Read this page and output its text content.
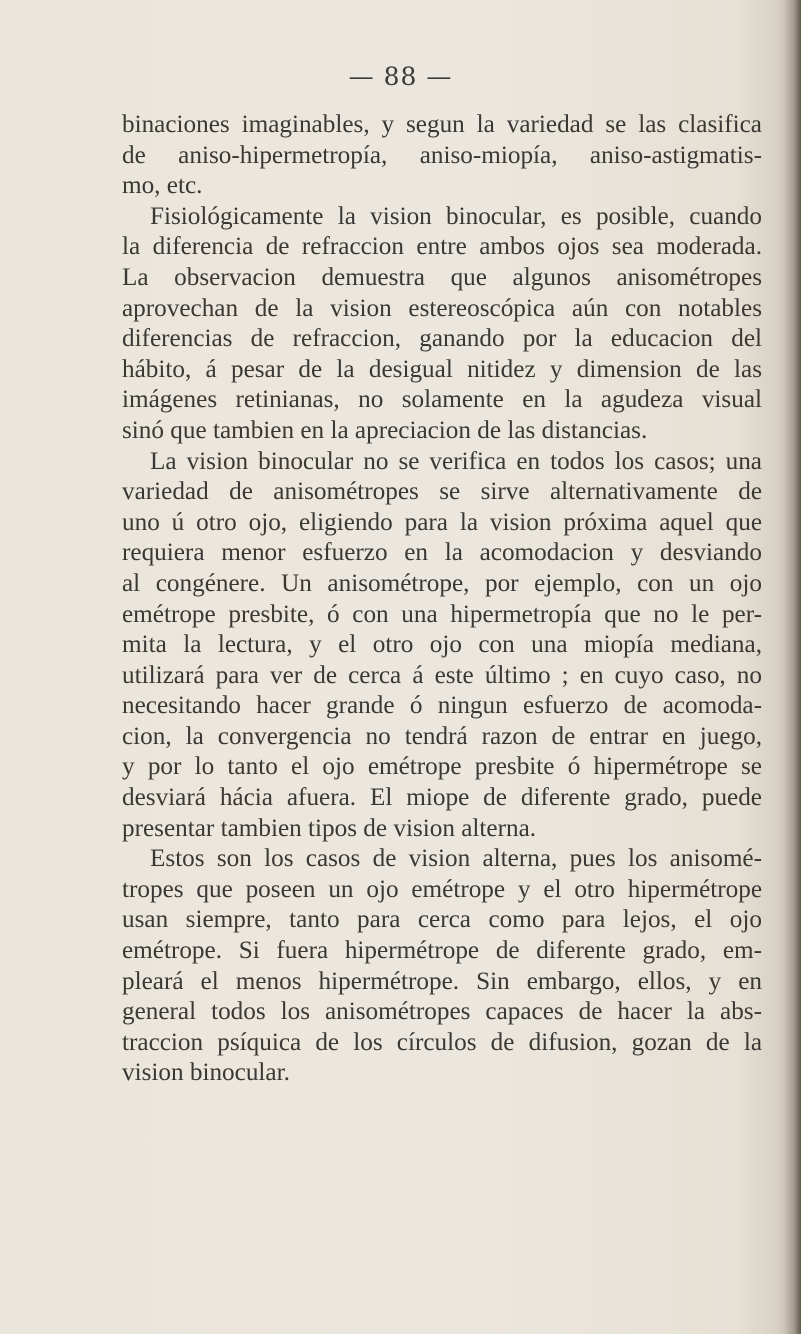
— 88 —
binaciones imaginables, y segun la variedad se las clasifica
de aniso-hipermetropía, aniso-miopía, aniso-astigmatis-
mo, etc.
Fisiológicamente la vision binocular, es posible, cuando
la diferencia de refraccion entre ambos ojos sea moderada.
La observacion demuestra que algunos anisométropes
aprovechan de la vision estereoscópica aún con notables
diferencias de refraccion, ganando por la educacion del
hábito, á pesar de la desigual nitidez y dimension de las
imágenes retinianas, no solamente en la agudeza visual
sinó que tambien en la apreciacion de las distancias.
La vision binocular no se verifica en todos los casos; una
variedad de anisométropes se sirve alternativamente de
uno ú otro ojo, eligiendo para la vision próxima aquel que
requiera menor esfuerzo en la acomodacion y desviando
al congénere. Un anisométrope, por ejemplo, con un ojo
emétrope presbite, ó con una hipermetropía que no le per-
mita la lectura, y el otro ojo con una miopía mediana,
utilizará para ver de cerca á este último ; en cuyo caso, no
necesitando hacer grande ó ningun esfuerzo de acomoda-
cion, la convergencia no tendrá razon de entrar en juego,
y por lo tanto el ojo emétrope presbite ó hipermétrope se
desviará hácia afuera. El miope de diferente grado, puede
presentar tambien tipos de vision alterna.
Estos son los casos de vision alterna, pues los anisomé-
tropes que poseen un ojo emétrope y el otro hipermétrope
usan siempre, tanto para cerca como para lejos, el ojo
emétrope. Si fuera hipermétrope de diferente grado, em-
pleará el menos hipermétrope. Sin embargo, ellos, y en
general todos los anisométropes capaces de hacer la abs-
traccion psíquica de los círculos de difusion, gozan de la
vision binocular.
